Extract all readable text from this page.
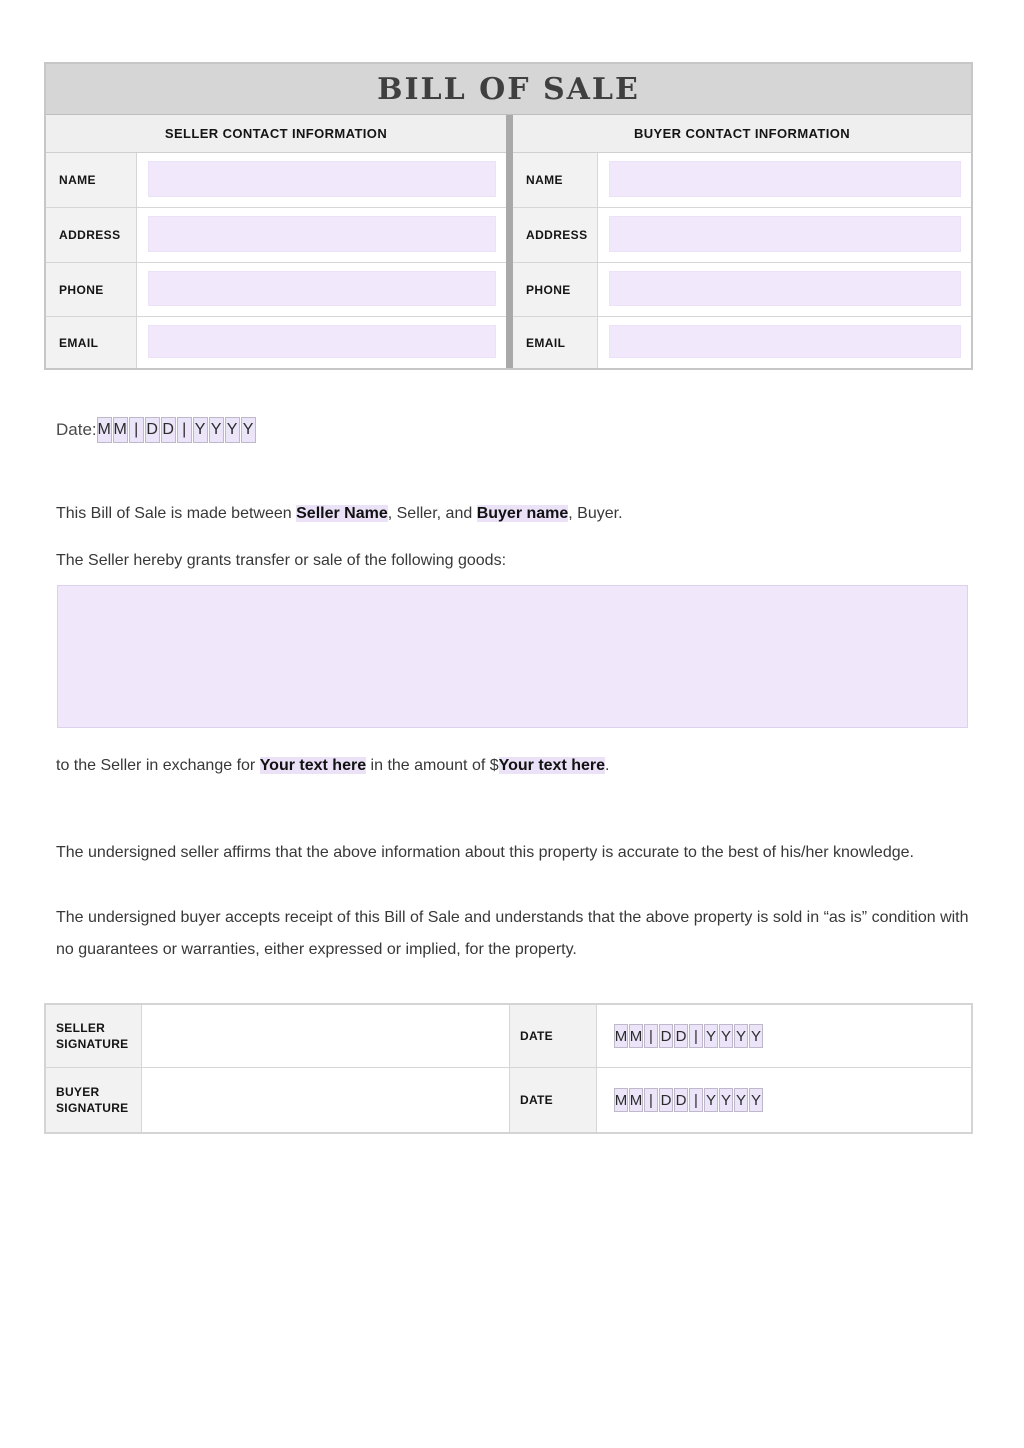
BILL OF SALE
SELLER CONTACT INFORMATION
NAME
ADDRESS
PHONE
EMAIL
BUYER CONTACT INFORMATION
NAME
ADDRESS
PHONE
EMAIL
Date: M M | D D | Y Y Y Y
This Bill of Sale is made between Seller Name, Seller, and Buyer name, Buyer.
The Seller hereby grants transfer or sale of the following goods:
to the Seller in exchange for Your text here in the amount of $Your text here.
The undersigned seller affirms that the above information about this property is accurate to the best of his/her knowledge.
The undersigned buyer accepts receipt of this Bill of Sale and understands that the above property is sold in “as is” condition with no guarantees or warranties, either expressed or implied, for the property.
SELLER SIGNATURE
DATE	M M | D D | Y Y Y Y
BUYER SIGNATURE
DATE	M M | D D | Y Y Y Y
